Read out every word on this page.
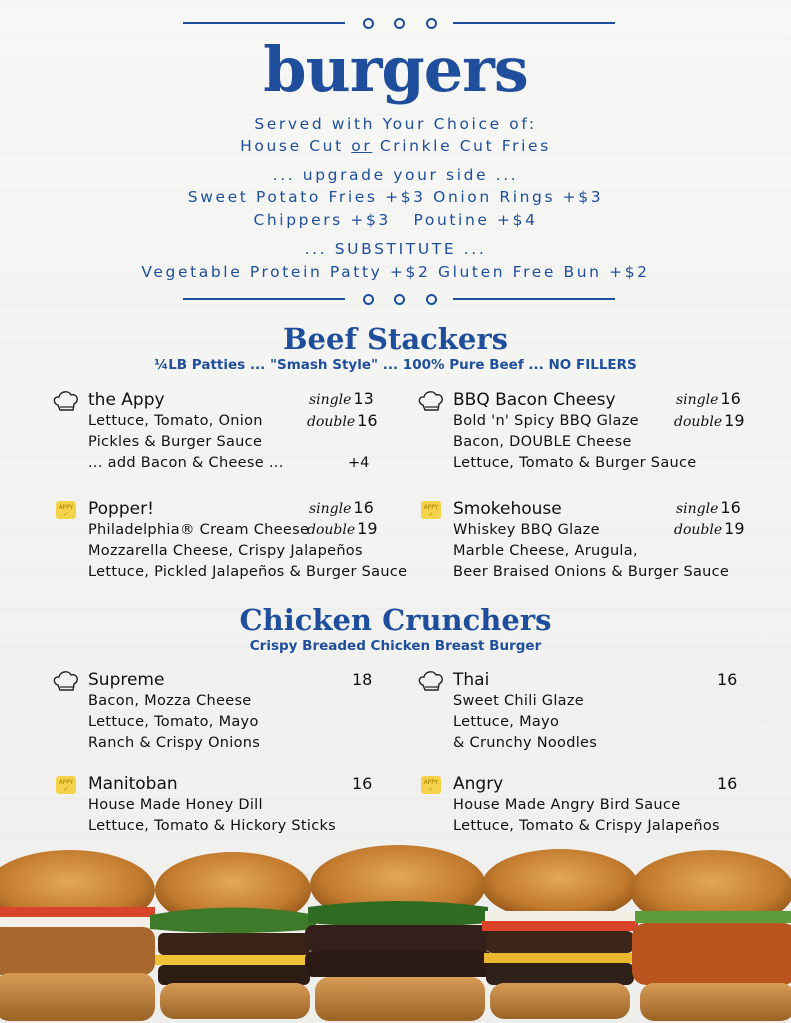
burgers
Served with Your Choice of:
House Cut or Crinkle Cut Fries
... upgrade your side ...
Sweet Potato Fries +$3 Onion Rings +$3
Chippers +$3   Poutine +$4
... SUBSTITUTE ...
Vegetable Protein Patty +$2 Gluten Free Bun +$2
Beef Stackers
¼LB Patties ... "Smash Style" ... 100% Pure Beef ... NO FILLERS
the Appy
Lettuce, Tomato, Onion
Pickles & Burger Sauce
... add Bacon & Cheese ...
single 13
double 16
+4
BBQ Bacon Cheesy
Bold 'n' Spicy BBQ Glaze
Bacon, DOUBLE Cheese
Lettuce, Tomato & Burger Sauce
single 16
double 19
APPY
✓ Popper!
Philadelphia® Cream Cheese
Mozzarella Cheese, Crispy Jalapeños
Lettuce, Pickled Jalapeños & Burger Sauce
single 16
double 19
APPY
✓ Smokehouse
Whiskey BBQ Glaze
Marble Cheese, Arugula,
Beer Braised Onions & Burger Sauce
single 16
double 19
Chicken Crunchers
Crispy Breaded Chicken Breast Burger
Supreme
Bacon, Mozza Cheese
Lettuce, Tomato, Mayo
Ranch & Crispy Onions
18	Thai
Sweet Chili Glaze
Lettuce, Mayo
& Crunchy Noodles
16
APPY
✓ Manitoban
House Made Honey Dill
Lettuce, Tomato & Hickory Sticks
16	APPY
✓ Angry
House Made Angry Bird Sauce
Lettuce, Tomato & Crispy Jalapeños
16
